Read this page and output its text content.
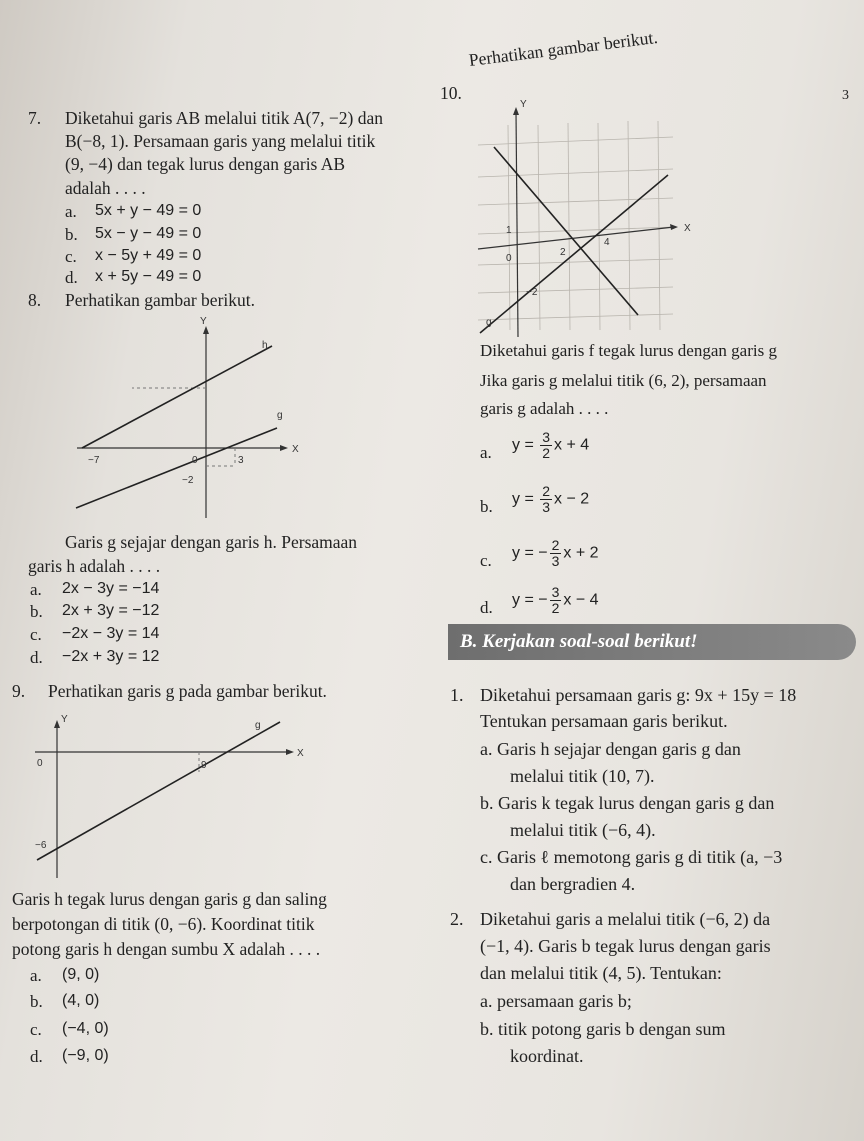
7. Diketahui garis AB melalui titik A(7, −2) dan
B(−8, 1). Persamaan garis yang melalui titik
(9, −4) dan tegak lurus dengan garis AB
adalah . . . .
a. 5x + y − 49 = 0
b. 5x − y − 49 = 0
c. x − 5y + 49 = 0
d. x + 5y − 49 = 0
8. Perhatikan gambar berikut.
Y
X
h
g
−7	0	3
−2
Garis g sejajar dengan garis h. Persamaan
garis h adalah . . . .
a. 2x − 3y = −14
b. 2x + 3y = −12
c. −2x − 3y = 14
d. −2x + 3y = 12
9. Perhatikan garis g pada gambar berikut.
Y
X
g
0	9
−6
Garis h tegak lurus dengan garis g dan saling
berpotongan di titik (0, −6). Koordinat titik
potong garis h dengan sumbu X adalah . . . .
a. (9, 0)
b. (4, 0)
c. (−4, 0)
d. (−9, 0)
10.
Perhatikan gambar berikut.
3
Y
X
1
0
2
4
−2
g
Diketahui garis f tegak lurus dengan garis g
Jika garis g melalui titik (6, 2), persamaan
garis g adalah . . . .
a. $y = \frac{3}{2}$ x + 4
b. $y = \frac{2}{3}$ x − 2
c. y = − $\frac{2}{3}$ x + 2
d. y = − $\frac{3}{2}$ x − 4
B. Kerjakan soal-soal berikut!
1. Diketahui persamaan garis g: 9x + 15y = 18
Tentukan persamaan garis berikut.
a. Garis h sejajar dengan garis g dan
melalui titik (10, 7).
b. Garis k tegak lurus dengan garis g dan
melalui titik (−6, 4).
c. Garis ℓ memotong garis g di titik (a, −3
dan bergradien 4.
2. Diketahui garis a melalui titik (−6, 2) da
(−1, 4). Garis b tegak lurus dengan garis
dan melalui titik (4, 5). Tentukan:
a. persamaan garis b;
b. titik potong garis b dengan sum
koordinat.
